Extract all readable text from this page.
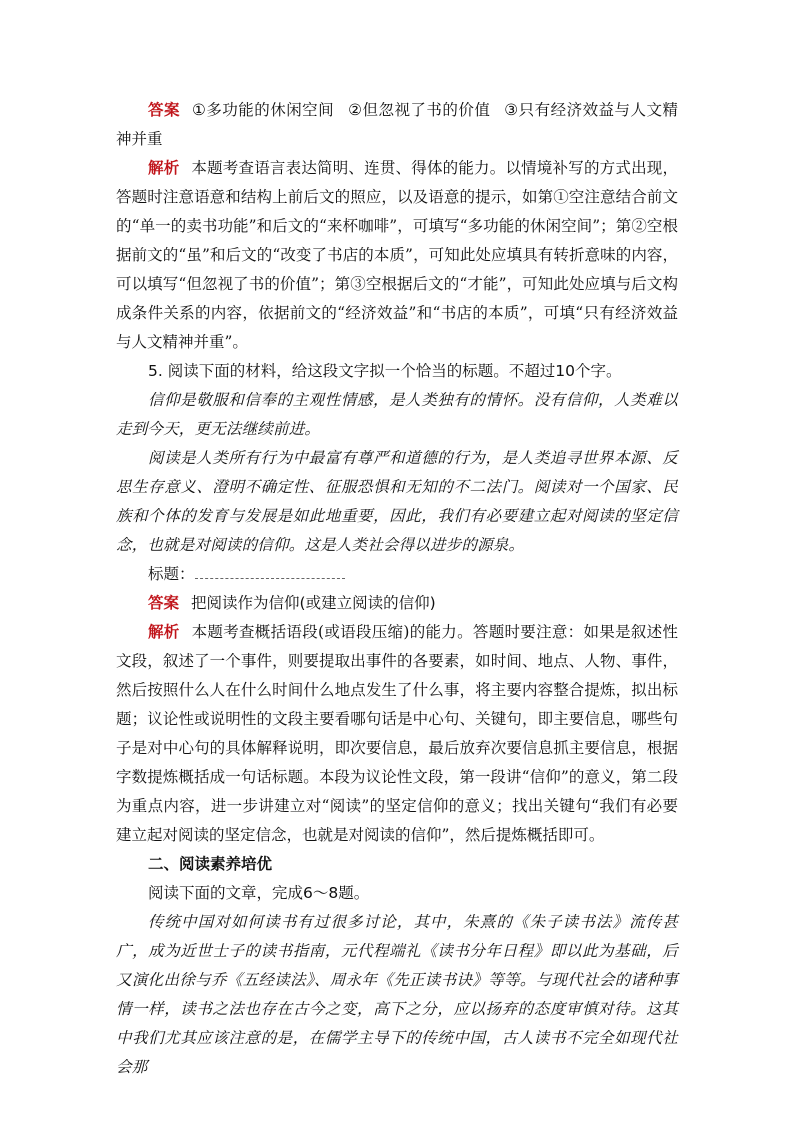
答案 ①多功能的休闲空间 ②但忽视了书的价值 ③只有经济效益与人文精神并重

解析 本题考查语言表达简明、连贯、得体的能力。以情境补写的方式出现，答题时注意语意和结构上前后文的照应，以及语意的提示，如第①空注意结合前文的“单一的卖书功能”和后文的“来杯咖啡”，可填写“多功能的休闲空间”；第②空根据前文的“虽”和后文的“改变了书店的本质”，可知此处应填具有转折意味的内容，可以填写“但忽视了书的价值”；第③空根据后文的“才能”，可知此处应填与后文构成条件关系的内容，依据前文的“经济效益”和“书店的本质”，可填“只有经济效益与人文精神并重”。

5. 阅读下面的材料，给这段文字拟一个恰当的标题。不超过10个字。

信仰是敬服和信奉的主观性情感，是人类独有的情怀。没有信仰，人类难以走到今天，更无法继续前进。

阅读是人类所有行为中最富有尊严和道德的行为，是人类追寻世界本源、反思生存意义、澄明不确定性、征服恐惧和无知的不二法门。阅读对一个国家、民族和个体的发育与发展是如此地重要，因此，我们有必要建立起对阅读的坚定信念，也就是对阅读的信仰。这是人类社会得以进步的源泉。

标题：

答案 把阅读作为信仰(或建立阅读的信仰)

解析 本题考查概括语段(或语段压缩)的能力。答题时要注意：如果是叙述性文段，叙述了一个事件，则要提取出事件的各要素，如时间、地点、人物、事件，然后按照什么人在什么时间什么地点发生了什么事，将主要内容整合提炼，拟出标题；议论性或说明性的文段主要看哪句话是中心句、关键句，即主要信息，哪些句子是对中心句的具体解释说明，即次要信息，最后放弃次要信息抓主要信息，根据字数提炼概括成一句话标题。本段为议论性文段，第一段讲“信仰”的意义，第二段为重点内容，进一步讲建立对“阅读”的坚定信仰的意义；找出关键句“我们有必要建立起对阅读的坚定信念，也就是对阅读的信仰”，然后提炼概括即可。

二、阅读素养培优

阅读下面的文章，完成6～8题。

传统中国对如何读书有过很多讨论，其中，朱熹的《朱子读书法》流传甚广，成为近世士子的读书指南，元代程端礼《读书分年日程》即以此为基础，后又演化出徐与乔《五经读法》、周永年《先正读书诀》等等。与现代社会的诸种事情一样，读书之法也存在古今之变，高下之分，应以扬弃的态度审慎对待。这其中我们尤其应该注意的是，在儒学主导下的传统中国，古人读书不完全如现代社会那
